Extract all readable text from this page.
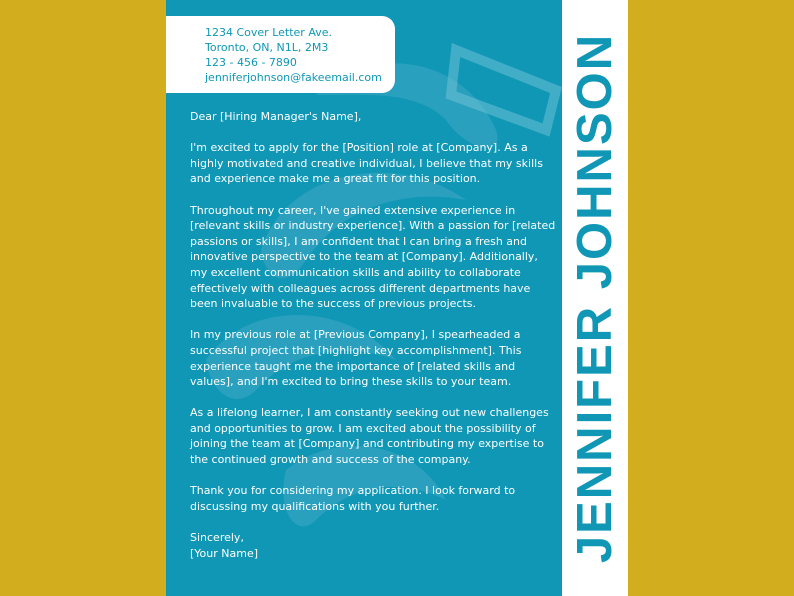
1234 Cover Letter Ave.
Toronto, ON, N1L, 2M3
123 - 456 - 7890
jenniferjohnson@fakeemail.com

Dear [Hiring Manager's Name],

I'm excited to apply for the [Position] role at [Company]. As a highly motivated and creative individual, I believe that my skills and experience make me a great fit for this position.

Throughout my career, I've gained extensive experience in [relevant skills or industry experience]. With a passion for [related passions or skills], I am confident that I can bring a fresh and innovative perspective to the team at [Company]. Additionally, my excellent communication skills and ability to collaborate effectively with colleagues across different departments have been invaluable to the success of previous projects.

In my previous role at [Previous Company], I spearheaded a successful project that [highlight key accomplishment]. This experience taught me the importance of [related skills and values], and I'm excited to bring these skills to your team.

As a lifelong learner, I am constantly seeking out new challenges and opportunities to grow. I am excited about the possibility of joining the team at [Company] and contributing my expertise to the continued growth and success of the company.

Thank you for considering my application. I look forward to discussing my qualifications with you further.

Sincerely,

[Your Name]	JENNIFER JOHNSON
